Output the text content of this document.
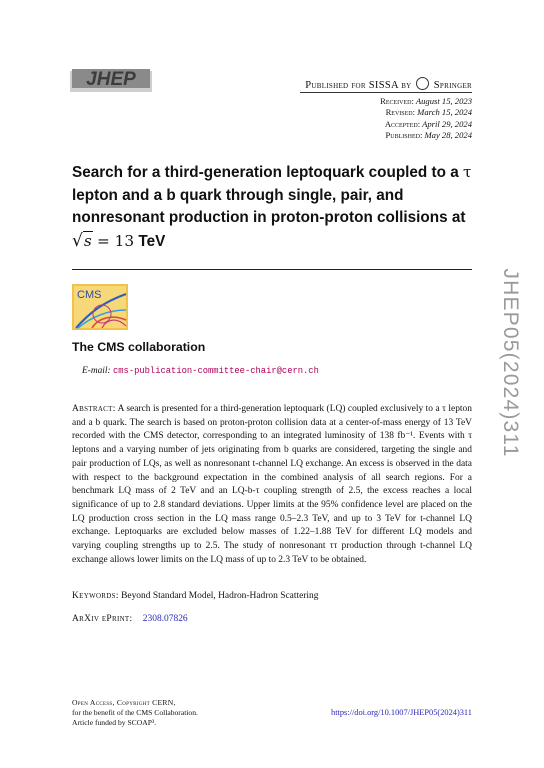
JHEP	Published for SISSA by Springer
Received: August 15, 2023
Revised: March 15, 2024
Accepted: April 29, 2024
Published: May 28, 2024
Search for a third-generation leptoquark coupled to a τ
lepton and a b quark through single, pair, and
nonresonant production in proton-proton collisions at
√s = 13 TeV
CMS
The CMS collaboration
E-mail: cms-publication-committee-chair@cern.ch
Abstract: A search is presented for a third-generation leptoquark (LQ) coupled exclusively to a τ lepton and a b quark. The search is based on proton-proton collision data at a center-of-mass energy of 13 TeV recorded with the CMS detector, corresponding to an integrated luminosity of 138 fb⁻¹. Events with τ leptons and a varying number of jets originating from b quarks are considered, targeting the single and pair production of LQs, as well as nonresonant t-channel LQ exchange. An excess is observed in the data with respect to the background expectation in the combined analysis of all search regions. For a benchmark LQ mass of 2 TeV and an LQ-b-τ coupling strength of 2.5, the excess reaches a local significance of up to 2.8 standard deviations. Upper limits at the 95% confidence level are placed on the LQ production cross section in the LQ mass range 0.5–2.3 TeV, and up to 3 TeV for t-channel LQ exchange. Leptoquarks are excluded below masses of 1.22–1.88 TeV for different LQ models and varying coupling strengths up to 2.5. The study of nonresonant ττ production through t-channel LQ exchange allows lower limits on the LQ mass of up to 2.3 TeV to be obtained.
Keywords: Beyond Standard Model, Hadron-Hadron Scattering
ArXiv ePrint: 2308.07826
Open Access, Copyright CERN,
for the benefit of the CMS Collaboration.
Article funded by SCOAP³.
https://doi.org/10.1007/JHEP05(2024)311
JHEP05(2024)311
